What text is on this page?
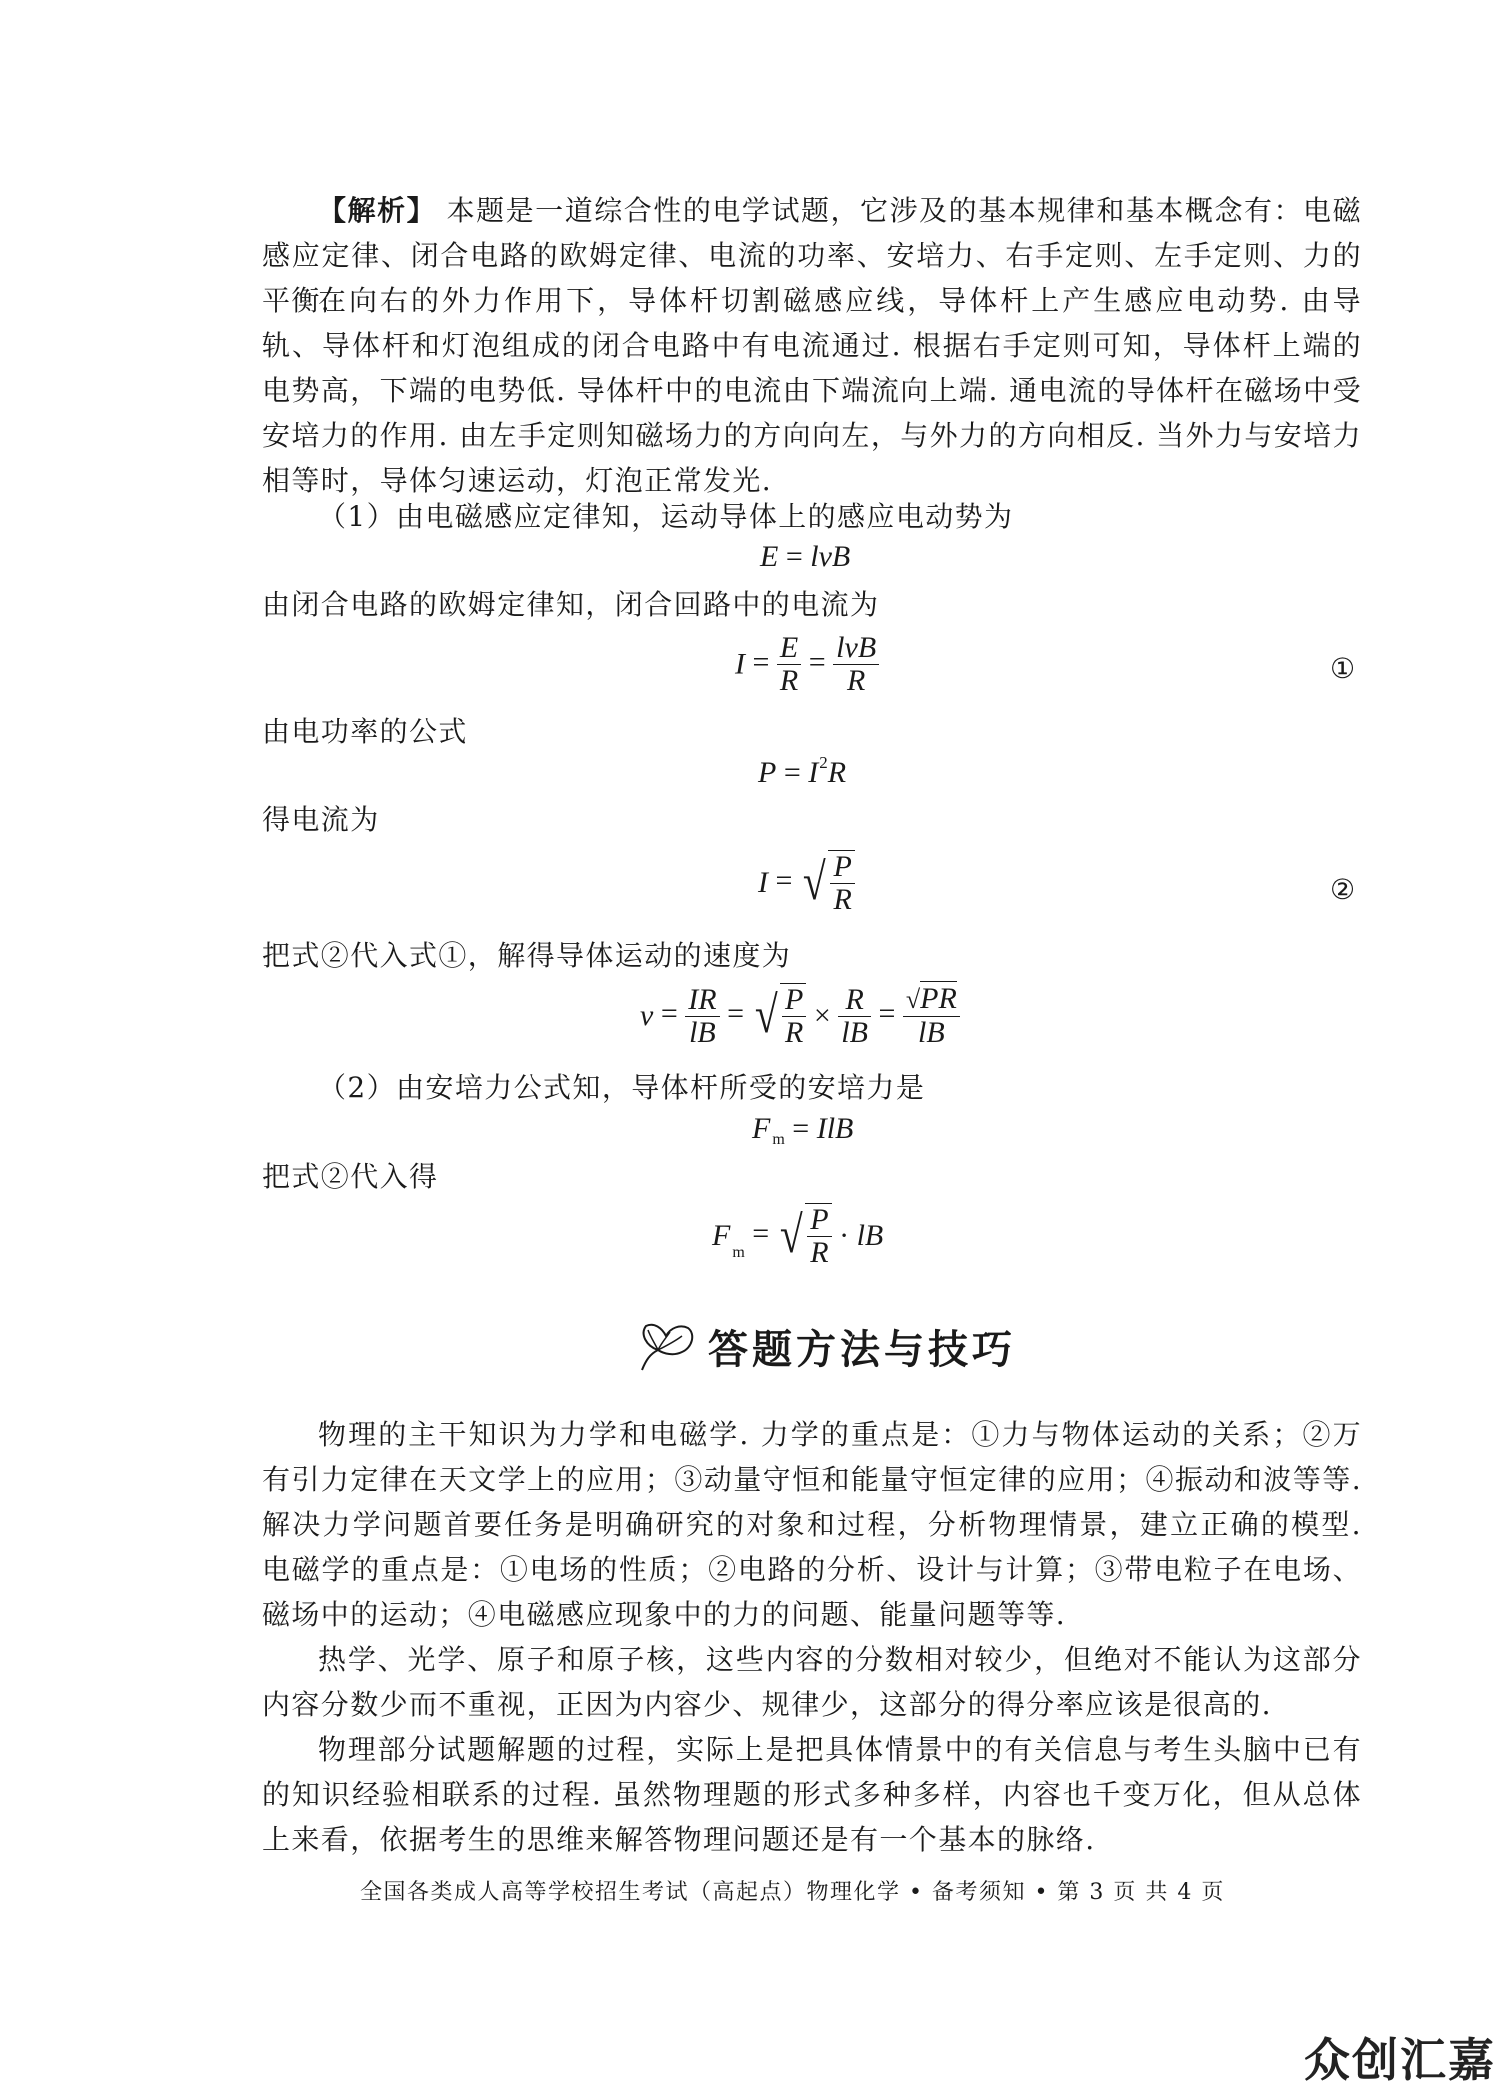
【解析】 本题是一道综合性的电学试题，它涉及的基本规律和基本概念有：电磁感应定律、闭合电路的欧姆定律、电流的功率、安培力、右手定则、左手定则、力的平衡.

在向右的外力作用下，导体杆切割磁感应线，导体杆上产生感应电动势. 由导轨、导体杆和灯泡组成的闭合电路中有电流通过. 根据右手定则可知，导体杆上端的电势高，下端的电势低. 导体杆中的电流由下端流向上端. 通电流的导体杆在磁场中受安培力的作用. 由左手定则知磁场力的方向向左，与外力的方向相反. 当外力与安培力相等时，导体匀速运动，灯泡正常发光.

（1）由电磁感应定律知，运动导体上的感应电动势为
E = lvB
由闭合电路的欧姆定律知，闭合回路中的电流为
$I = \frac{E}{R} = \frac{\text{lvB}}{R}$	①
由电功率的公式
$P = I^2R$
得电流为
I = √ $\frac{P}{R}$	②
把式②代入式①，解得导体运动的速度为
$v = \frac{IR}{lB}$ = √ $\frac{P}{R} \times \frac{R}{lB} = \frac{√PR}{lB}$
（2）由安培力公式知，导体杆所受的安培力是
F $_m$ = IlB
把式②代入得
$F_m$ = √ $\frac{P}{R}$ · lB
答题方法与技巧

物理的主干知识为力学和电磁学. 力学的重点是：①力与物体运动的关系；②万有引力定律在天文学上的应用；③动量守恒和能量守恒定律的应用；④振动和波等等. 解决力学问题首要任务是明确研究的对象和过程，分析物理情景，建立正确的模型. 电磁学的重点是：①电场的性质；②电路的分析、设计与计算；③带电粒子在电场、磁场中的运动；④电磁感应现象中的力的问题、能量问题等等.

热学、光学、原子和原子核，这些内容的分数相对较少，但绝对不能认为这部分内容分数少而不重视，正因为内容少、规律少，这部分的得分率应该是很高的.

物理部分试题解题的过程，实际上是把具体情景中的有关信息与考生头脑中已有的知识经验相联系的过程. 虽然物理题的形式多种多样，内容也千变万化，但从总体上来看，依据考生的思维来解答物理问题还是有一个基本的脉络.

全国各类成人高等学校招生考试（高起点）物理化学 • 备考须知 • 第 3 页 共 4 页
众创汇嘉
